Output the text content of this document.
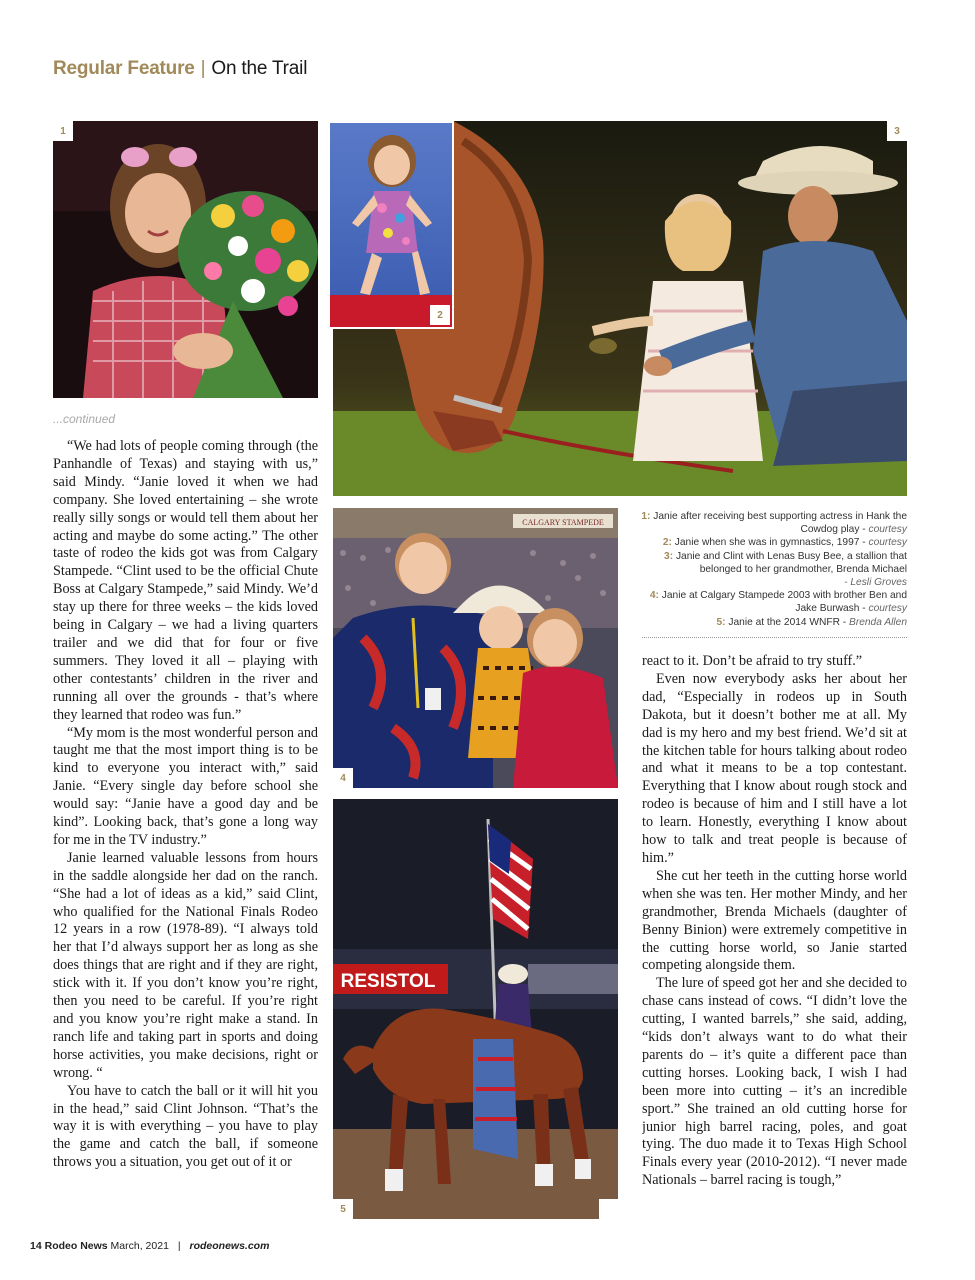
Regular Feature | On the Trail
1	3
2
CALGARY STAMPEDE
4
RESISTOL
5
...continued

“We had lots of people coming through (the Panhandle of Texas) and staying with us,” said Mindy. “Janie loved it when we had company. She loved entertaining – she wrote really silly songs or would tell them about her acting and maybe do some acting.” The other taste of rodeo the kids got was from Calgary Stampede. “Clint used to be the official Chute Boss at Calgary Stampede,” said Mindy. We’d stay up there for three weeks – the kids loved being in Calgary – we had a living quarters trailer and we did that for four or five summers. They loved it all – playing with other contestants’ children in the river and running all over the grounds - that’s where they learned that rodeo was fun.”

“My mom is the most wonderful person and taught me that the most import thing is to be kind to everyone you interact with,” said Janie. “Every single day before school she would say: “Janie have a good day and be kind”. Looking back, that’s gone a long way for me in the TV industry.”

Janie learned valuable lessons from hours in the saddle alongside her dad on the ranch. “She had a lot of ideas as a kid,” said Clint, who qualified for the National Finals Rodeo 12 years in a row (1978-89). “I always told her that I’d always support her as long as she does things that are right and if they are right, stick with it. If you don’t know you’re right, then you need to be careful. If you’re right and you know you’re right make a stand. In ranch life and taking part in sports and doing horse activities, you make decisions, right or wrong. “

You have to catch the ball or it will hit you in the head,” said Clint Johnson. “That’s the way it is with everything – you have to play the game and catch the ball, if someone throws you a situation, you get out of it or

1: Janie after receiving best supporting actress in Hank the Cowdog play - courtesy

2: Janie when she was in gymnastics, 1997 - courtesy

3: Janie and Clint with Lenas Busy Bee, a stallion that belonged to her grandmother, Brenda Michael
- Lesli Groves

4: Janie at Calgary Stampede 2003 with brother Ben and Jake Burwash - courtesy

5: Janie at the 2014 WNFR - Brenda Allen

react to it. Don’t be afraid to try stuff.”

Even now everybody asks her about her dad, “Especially in rodeos up in South Dakota, but it doesn’t bother me at all. My dad is my hero and my best friend. We’d sit at the kitchen table for hours talking about rodeo and what it means to be a top contestant. Everything that I know about rough stock and rodeo is because of him and I still have a lot to learn. Honestly, everything I know about how to talk and treat people is because of him.”

She cut her teeth in the cutting horse world when she was ten. Her mother Mindy, and her grandmother, Brenda Michaels (daughter of Benny Binion) were extremely competitive in the cutting horse world, so Janie started competing alongside them.

The lure of speed got her and she decided to chase cans instead of cows. “I didn’t love the cutting, I wanted barrels,” she said, adding, “kids don’t always want to do what their parents do – it’s quite a different pace than cutting horses. Looking back, I wish I had been more into cutting – it’s an incredible sport.” She trained an old cutting horse for junior high barrel racing, poles, and goat tying. The duo made it to Texas High School Finals every year (2010-2012). “I never made Nationals – barrel racing is tough,”

14 Rodeo News March, 2021 | rodeonews.com
